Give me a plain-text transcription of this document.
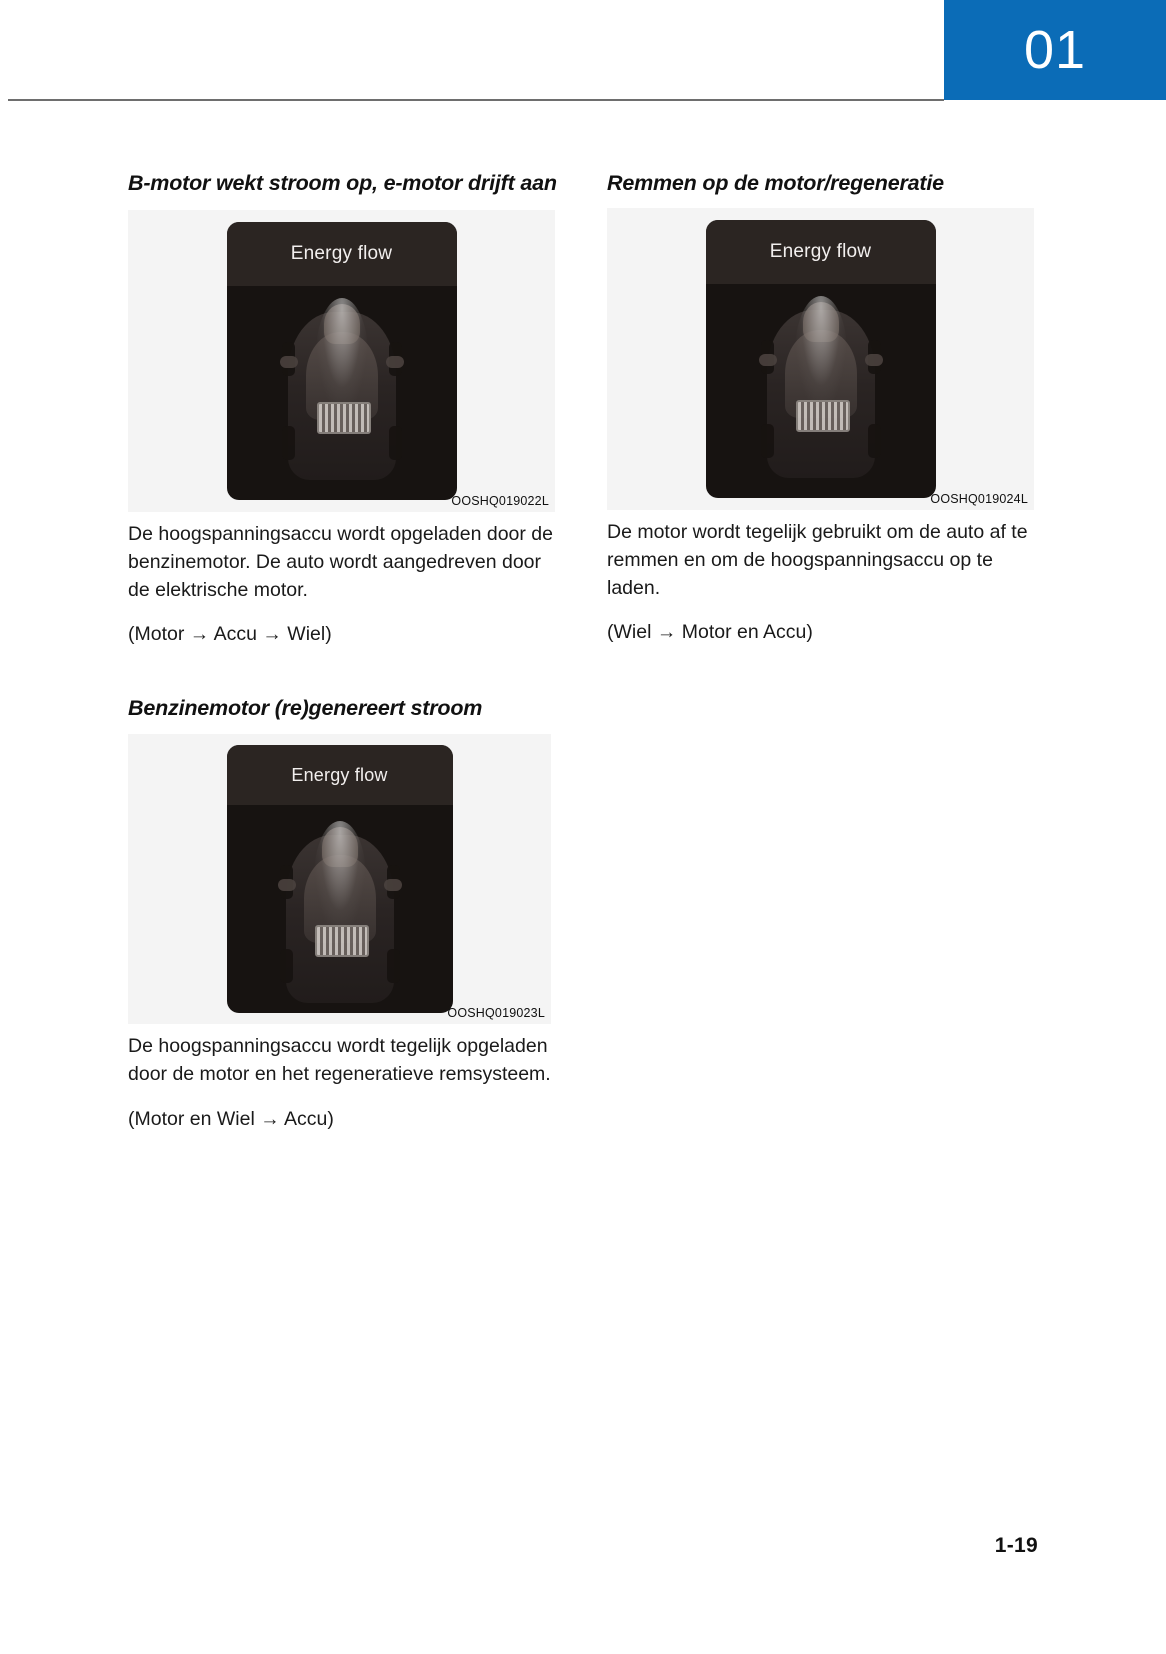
01
B-motor wekt stroom op, e-motor drijft aan
Energy flow
OOSHQ019022L

De hoogspanningsaccu wordt opgeladen door de benzinemotor. De auto wordt aangedreven door de elektrische motor.

(Motor → Accu → Wiel)

Benzinemotor (re)genereert stroom
Energy flow
OOSHQ019023L

De hoogspanningsaccu wordt tegelijk opgeladen door de motor en het regeneratieve remsysteem.

(Motor en Wiel → Accu)

Remmen op de motor/regeneratie
Energy flow
OOSHQ019024L

De motor wordt tegelijk gebruikt om de auto af te remmen en om de hoogspanningsaccu op te laden.

(Wiel → Motor en Accu)

1-19
